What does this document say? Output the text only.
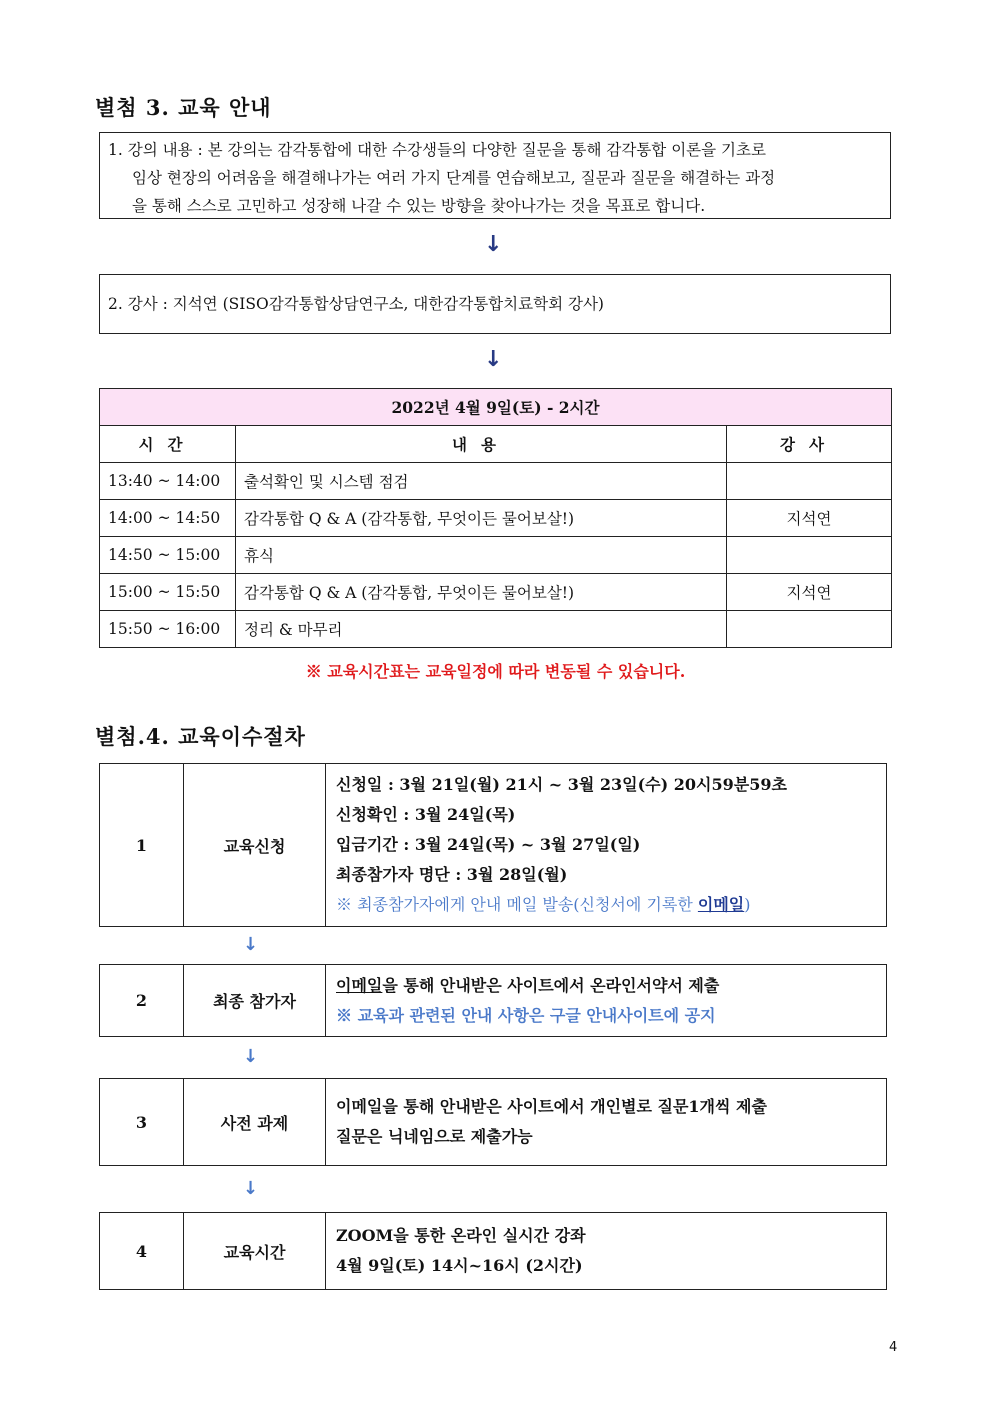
별첨 3. 교육 안내

1. 강의 내용 : 본 강의는 감각통합에 대한 수강생들의 다양한 질문을 통해 감각통합 이론을 기초로

임상 현장의 어려움을 해결해나가는 여러 가지 단계를 연습해보고, 질문과 질문을 해결하는 과정

을 통해 스스로 고민하고 성장해 나갈 수 있는 방향을 찾아나가는 것을 목표로 합니다.

↓
2. 강사 : 지석연 (SISO감각통합상담연구소, 대한감각통합치료학회 강사)
↓
2022년 4월 9일(토) - 2시간		
시간	내용	강사
13:40 ~ 14:00	출석확인 및 시스템 점검	
14:00 ~ 14:50	감각통합 Q & A (감각통합, 무엇이든 물어보살!)	지석연
14:50 ~ 15:00	휴식	
15:00 ~ 15:50	감각통합 Q & A (감각통합, 무엇이든 물어보살!)	지석연
15:50 ~ 16:00	정리 & 마무리	
※ 교육시간표는 교육일정에 따라 변동될 수 있습니다.
별첨.4. 교육이수절차
1	교육신청	
신청일 : 3월 21일(월) 21시 ~ 3월 23일(수) 20시59분59초
신청확인 : 3월 24일(목)
입금기간 : 3월 24일(목) ~ 3월 27일(일)
최종참가자 명단 : 3월 28일(월)
※ 최종참가자에게 안내 메일 발송(신청서에 기록한 이메일)
↓
2	최종 참가자	
이메일을 통해 안내받은 사이트에서 온라인서약서 제출
※ 교육과 관련된 안내 사항은 구글 안내사이트에 공지
↓
3	사전 과제	
이메일을 통해 안내받은 사이트에서 개인별로 질문1개씩 제출
질문은 닉네임으로 제출가능
↓
4	교육시간	
ZOOM을 통한 온라인 실시간 강좌
4월 9일(토) 14시~16시 (2시간)
4
